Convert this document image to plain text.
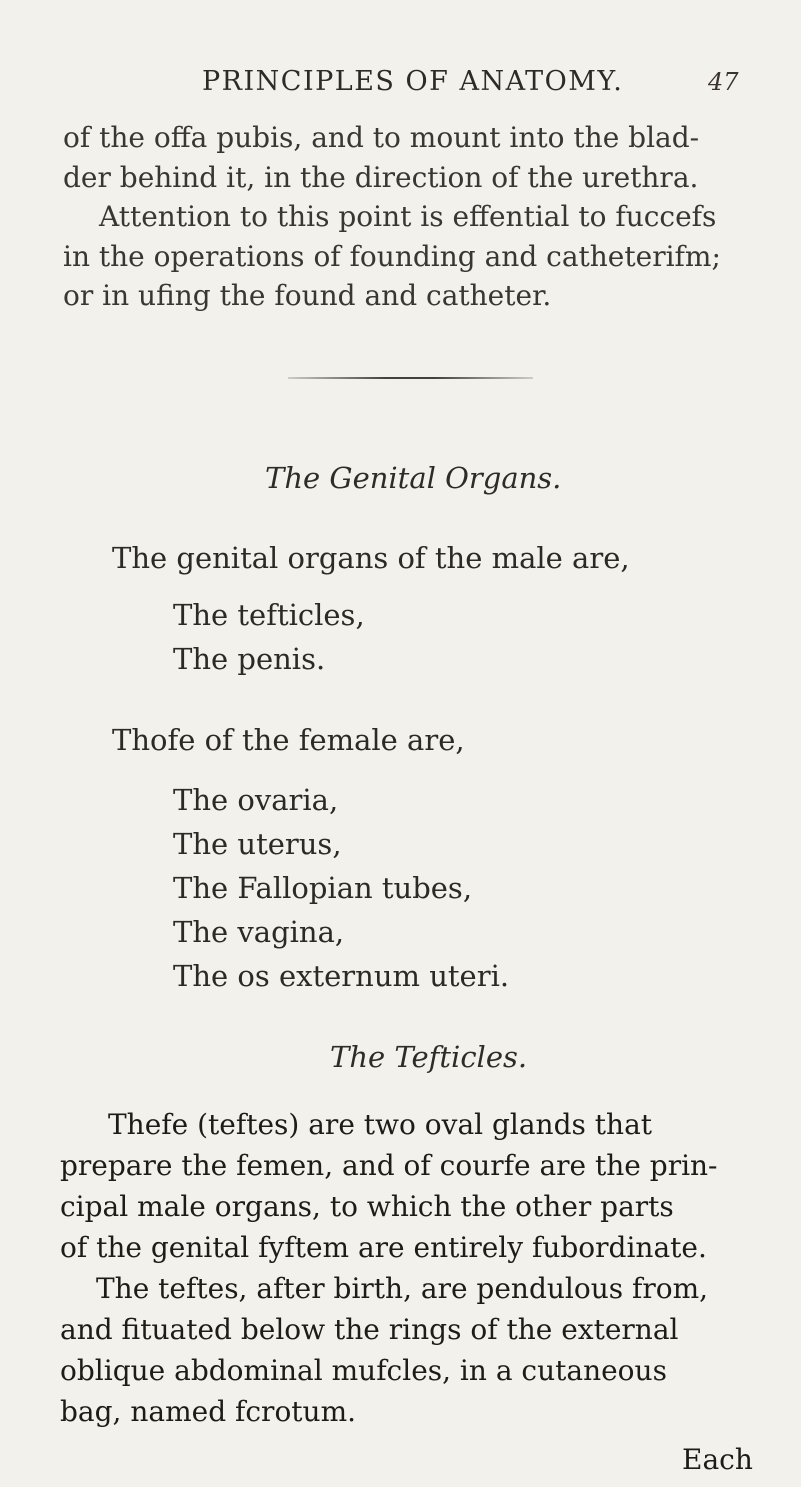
PRINCIPLES OF ANATOMY.	47
of the offa pubis, and to mount into the blad-
der behind it, in the direction of the urethra.
Attention to this point is effential to fuccefs
in the operations of founding and catheterifm;
or in ufing the found and catheter.
The Genital Organs.
The genital organs of the male are,
The tefticles,
The penis.
Thofe of the female are,
The ovaria,
The uterus,
The Fallopian tubes,
The vagina,
The os externum uteri.
The Tefticles.
Thefe (teftes) are two oval glands that
prepare the femen, and of courfe are the prin-
cipal male organs, to which the other parts
of the genital fyftem are entirely fubordinate.
The teftes, after birth, are pendulous from,
and fituated below the rings of the external
oblique abdominal mufcles, in a cutaneous
bag, named fcrotum.
Each
